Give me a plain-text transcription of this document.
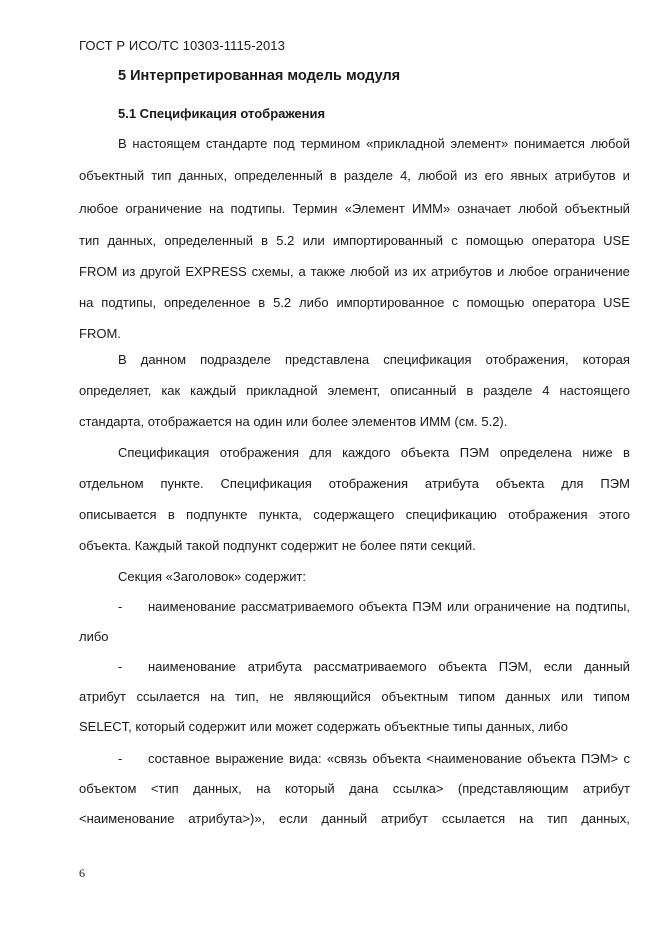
ГОСТ Р ИСО/ТС 10303-1115-2013
5 Интерпретированная модель модуля
5.1 Спецификация отображения
В настоящем стандарте под термином «прикладной элемент» понимается любой
объектный тип данных, определенный в разделе 4, любой из его явных атрибутов и
любое ограничение на подтипы. Термин «Элемент ИММ» означает любой объектный
тип данных, определенный в 5.2 или импортированный с помощью оператора USE
FROM из другой EXPRESS схемы, а также любой из их атрибутов и любое ограничение
на подтипы, определенное в 5.2 либо импортированное с помощью оператора USE
FROM.
В данном подразделе представлена спецификация отображения, которая
определяет, как каждый прикладной элемент, описанный в разделе 4 настоящего
стандарта, отображается на один или более элементов ИММ (см. 5.2).
Спецификация отображения для каждого объекта ПЭМ определена ниже в
отдельном пункте. Спецификация отображения атрибута объекта для ПЭМ
описывается в подпункте пункта, содержащего спецификацию отображения этого
объекта. Каждый такой подпункт содержит не более пяти секций.
Секция «Заголовок» содержит:
- наименование рассматриваемого объекта ПЭМ или ограничение на подтипы,
либо
- наименование атрибута рассматриваемого объекта ПЭМ, если данный
атрибут ссылается на тип, не являющийся объектным типом данных или типом
SELECT, который содержит или может содержать объектные типы данных, либо
- составное выражение вида: «связь объекта <наименование объекта ПЭМ> с
объектом <тип данных, на который дана ссылка> (представляющим атрибут
<наименование атрибута>)», если данный атрибут ссылается на тип данных,
6
